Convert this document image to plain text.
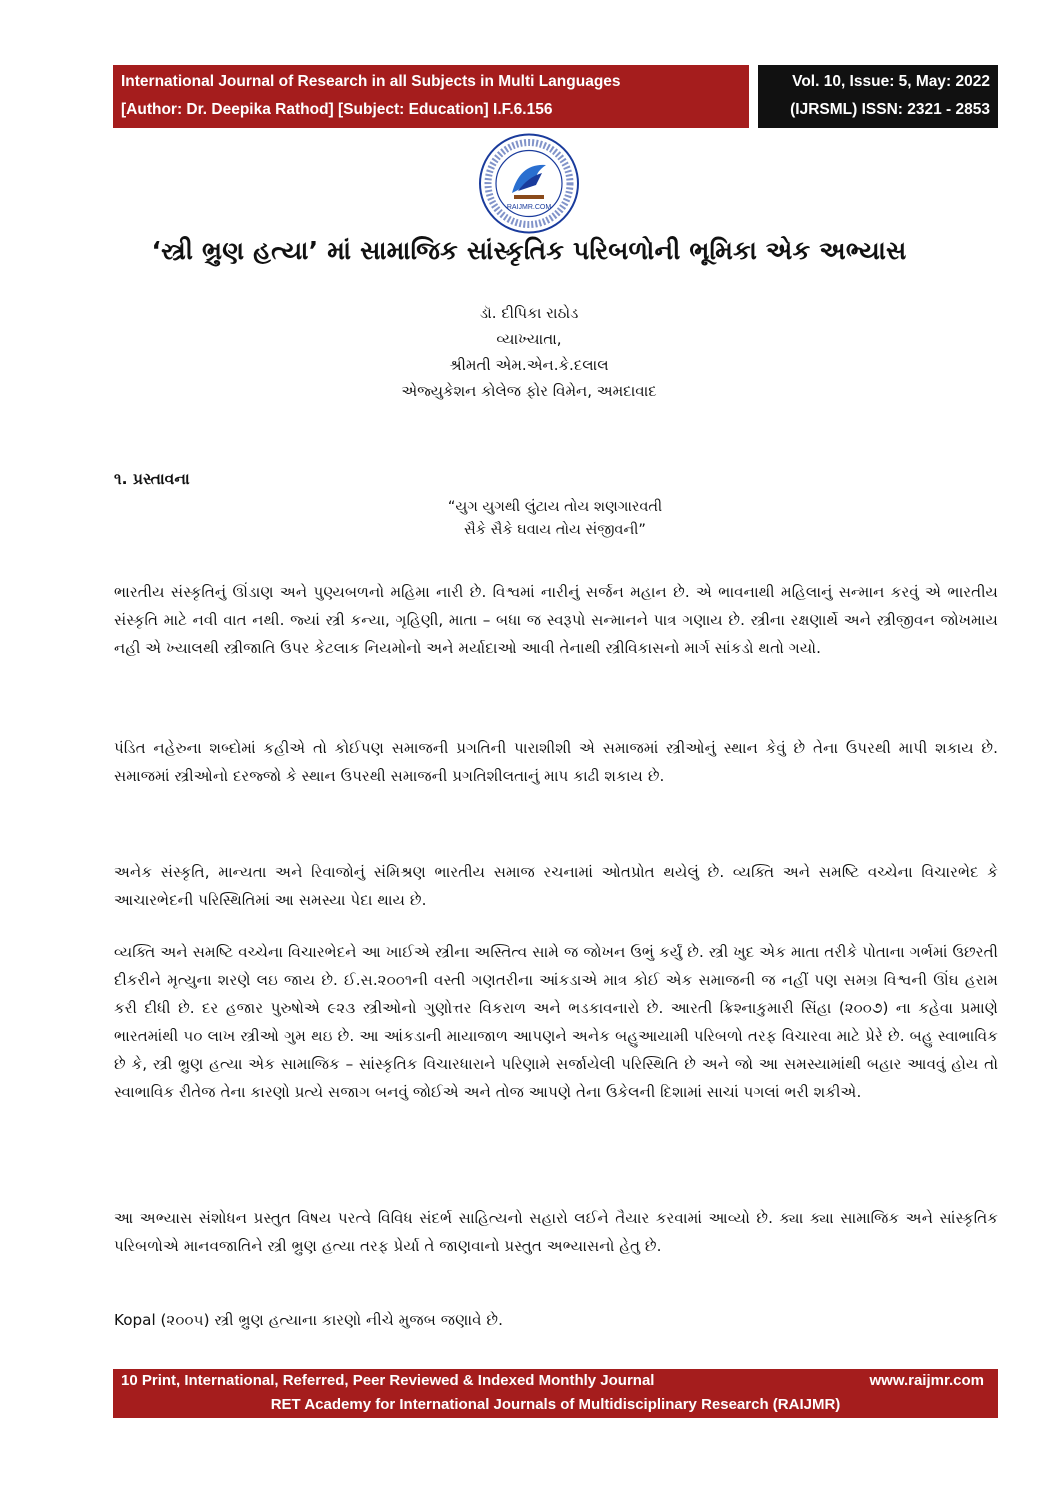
International Journal of Research in all Subjects in Multi Languages
[Author: Dr. Deepika Rathod] [Subject: Education] I.F.6.156
Vol. 10, Issue: 5, May: 2022
(IJRSML) ISSN: 2321 - 2853
RAIJMR.COM
‘સ્ત્રી ભ્રુણ હત્યા’ માં સામાજિક સાંસ્કૃતિક પરિબળોની ભૂમિકા એક અભ્યાસ
ડૉ. દીપિકા રાઠોડ
વ્યાખ્યાતા,
શ્રીમતી એમ.એન.કે.દલાલ
એજ્યુકેશન કોલેજ ફોર વિમેન, અમદાવાદ
૧. પ્રસ્તાવના
“યુગ યુગથી લુંટાય તોય શણગારવતી
સૈકે સૈકે ઘવાય તોય સંજીવની”
ભારતીય સંસ્કૃતિનું ઊંડાણ અને પુણ્યબળનો મહિમા નારી છે. વિશ્વમાં નારીનું સર્જન મહાન છે. એ ભાવનાથી મહિલાનું સન્માન કરવું એ ભારતીય સંસ્કૃતિ માટે નવી વાત નથી. જ્યાં સ્ત્રી કન્યા, ગૃહિણી, માતા – બધા જ સ્વરૂપો સન્માનને પાત્ર ગણાય છે. સ્ત્રીના રક્ષણાર્થે અને સ્ત્રીજીવન જોખમાય નહી એ ખ્યાલથી સ્ત્રીજાતિ ઉપર કેટલાક નિયમોનો અને મર્યાદાઓ આવી તેનાથી સ્ત્રીવિકાસનો માર્ગ સાંકડો થતો ગયો.
પંડિત નહેરુના શબ્દોમાં કહીએ તો કોઈપણ સમાજની પ્રગતિની પારાશીશી એ સમાજમાં સ્ત્રીઓનું સ્થાન કેવું છે તેના ઉપરથી માપી શકાય છે. સમાજમાં સ્ત્રીઓનો દરજ્જો કે સ્થાન ઉપરથી સમાજની પ્રગતિશીલતાનું માપ કાઢી શકાય છે.
અનેક સંસ્કૃતિ, માન્યતા અને રિવાજોનું સંમિશ્રણ ભારતીય સમાજ રચનામાં ઓતપ્રોત થયેલું છે. વ્યક્તિ અને સમષ્ટિ વચ્ચેના વિચારભેદ કે આચારભેદની પરિસ્થિતિમાં આ સમસ્યા પેદા થાય છે.
વ્યક્તિ અને સમષ્ટિ વચ્ચેના વિચારભેદને આ ખાઈએ સ્ત્રીના અસ્તિત્વ સામે જ જોખન ઉભું કર્યું છે. સ્ત્રી ખુદ એક માતા તરીકે પોતાના ગર્ભમાં ઉછરતી દીકરીને મૃત્યુના શરણે લઇ જાય છે. ઈ.સ.૨૦૦૧ની વસ્તી ગણતરીના આંકડાએ માત્ર કોઈ એક સમાજની જ નહીં પણ સમગ્ર વિશ્વની ઊંઘ હરામ કરી દીધી છે. દર હજાર પુરુષોએ ૯૨૩ સ્ત્રીઓનો ગુણોત્તર વિકરાળ અને ભડકાવનારો છે. આરતી ક્રિશ્નાકુમારી સિંહા (૨૦૦૭) ના કહેવા પ્રમાણે ભારતમાંથી ૫૦ લાખ સ્ત્રીઓ ગુમ થઇ છે. આ આંકડાની માયાજાળ આપણને અનેક બહુઆયામી પરિબળો તરફ વિચારવા માટે પ્રેરે છે. બહુ સ્વાભાવિક છે કે, સ્ત્રી ભ્રુણ હત્યા એક સામાજિક – સાંસ્કૃતિક વિચારધારાને પરિણામે સર્જાયેલી પરિસ્થિતિ છે અને જો આ સમસ્યામાંથી બહાર આવવું હોય તો સ્વાભાવિક રીતેજ તેના કારણો પ્રત્યે સજાગ બનવું જોઈએ અને તોજ આપણે તેના ઉકેલની દિશામાં સાચાં પગલાં ભરી શકીએ.
આ અભ્યાસ સંશોધન પ્રસ્તુત વિષય પરત્વે વિવિધ સંદર્ભ સાહિત્યનો સહારો લઈને તૈયાર કરવામાં આવ્યો છે. ક્યા ક્યા સામાજિક અને સાંસ્કૃતિક પરિબળોએ માનવજાતિને સ્ત્રી ભ્રુણ હત્યા તરફ પ્રેર્યા તે જાણવાનો પ્રસ્તુત અભ્યાસનો હેતુ છે.
Kopal (૨૦૦૫) સ્ત્રી ભ્રુણ હત્યાના કારણો નીચે મુજબ જણાવે છે.
10 Print, International, Referred, Peer Reviewed & Indexed Monthly Journal	www.raijmr.com
RET Academy for International Journals of Multidisciplinary Research (RAIJMR)
